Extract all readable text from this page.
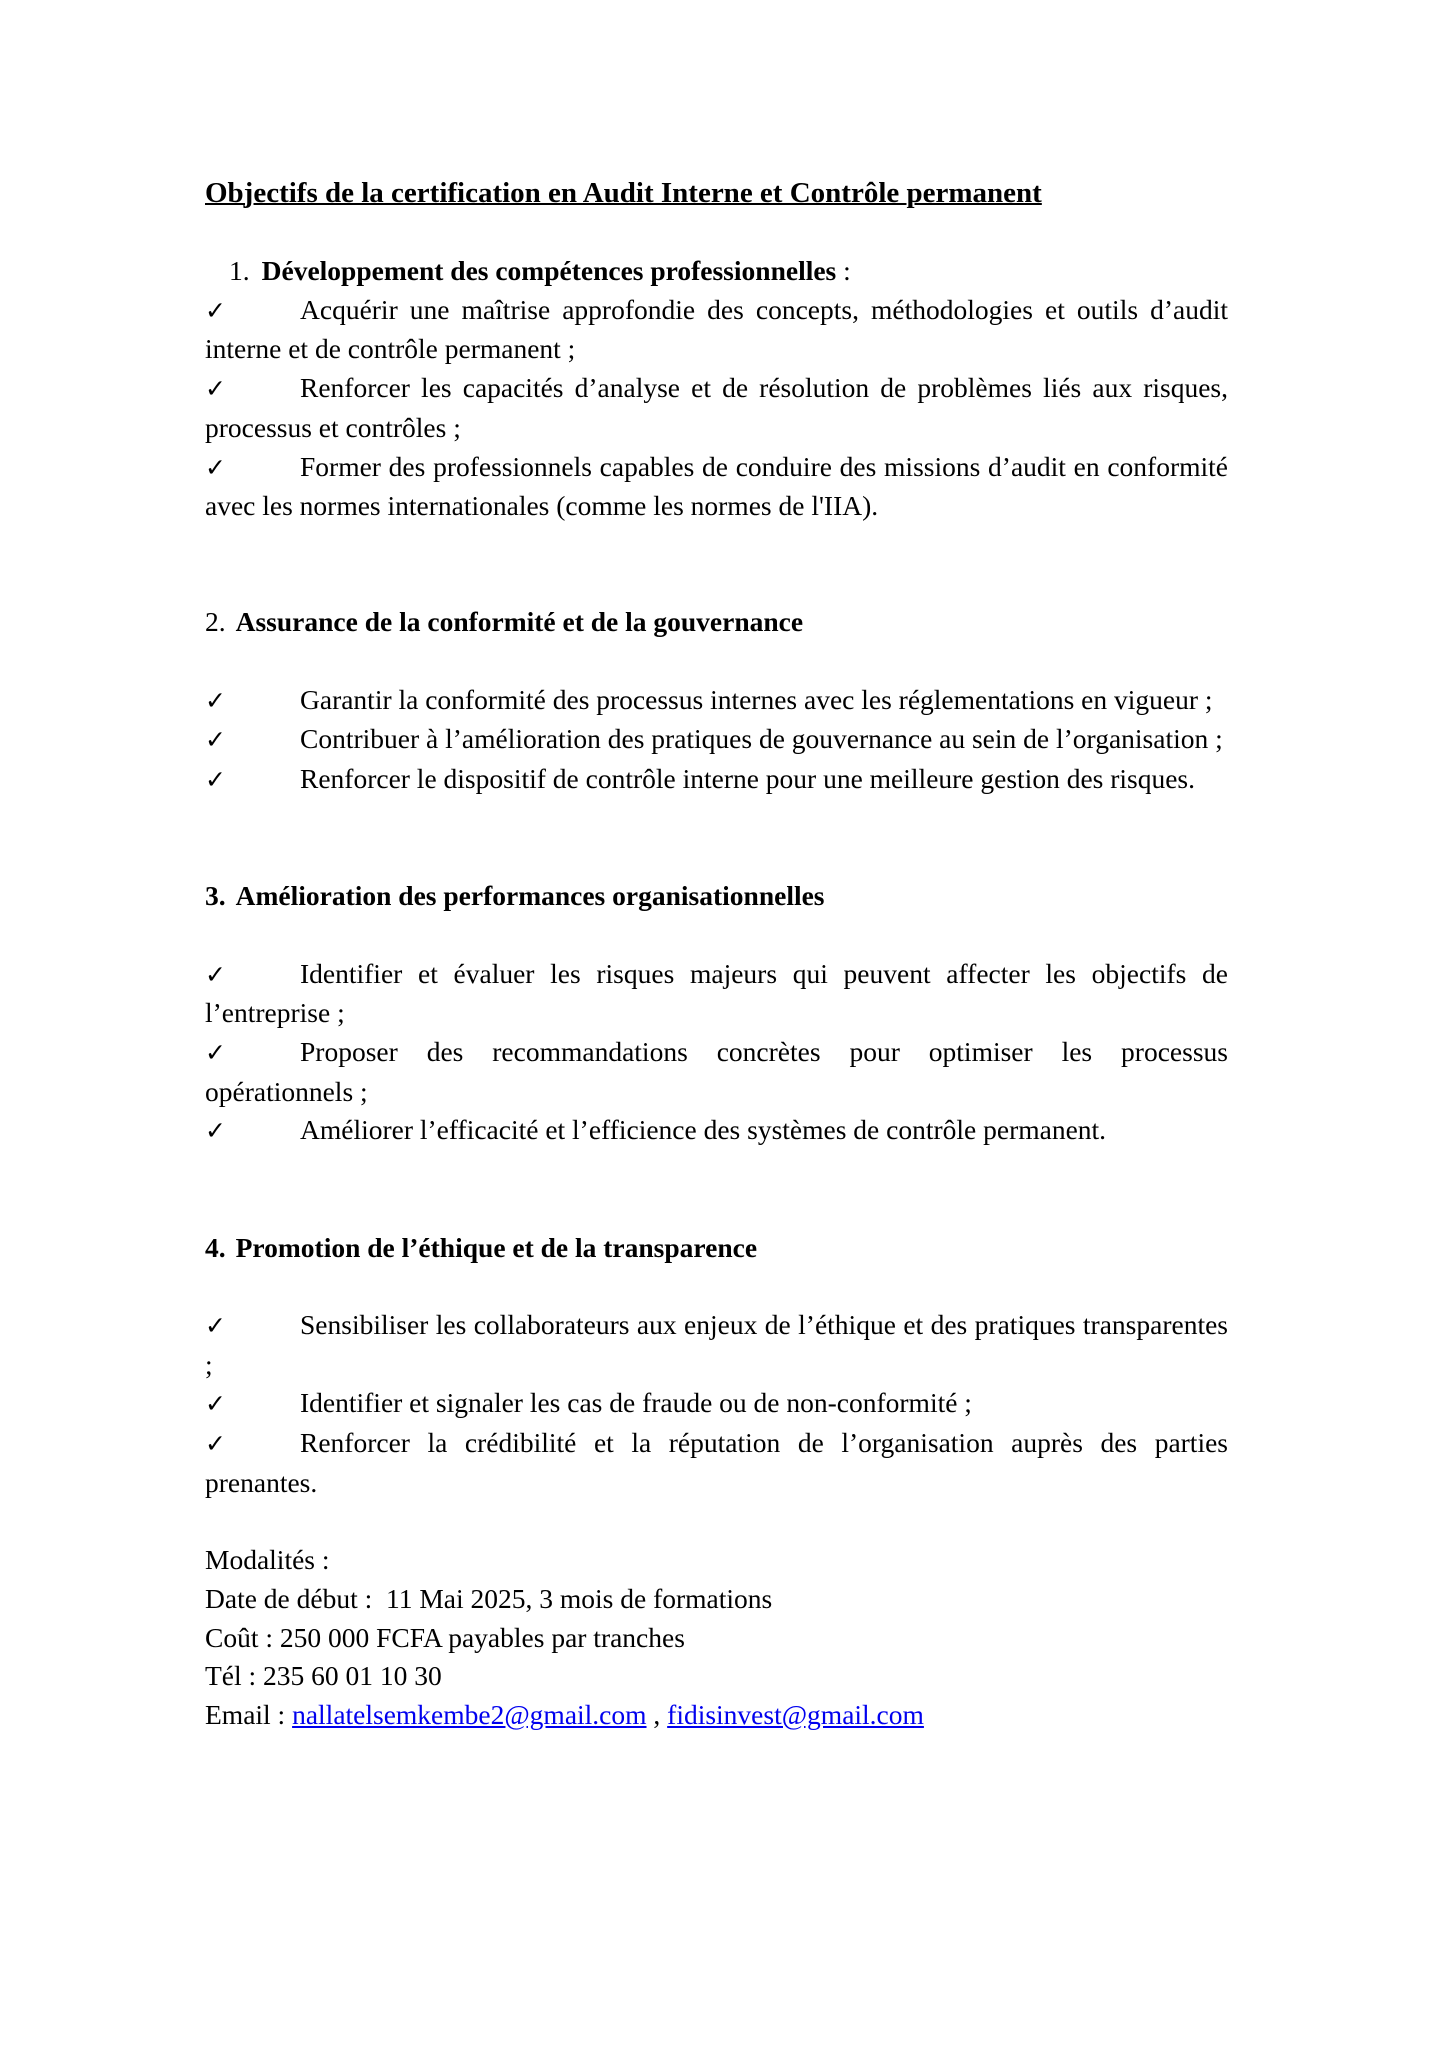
Objectifs de la certification en Audit Interne et Contrôle permanent

1. Développement des compétences professionnelles :

✓	Acquérir une maîtrise approfondie des concepts, méthodologies et outils d’audit interne et de contrôle permanent ;

✓	Renforcer les capacités d’analyse et de résolution de problèmes liés aux risques, processus et contrôles ;

✓	Former des professionnels capables de conduire des missions d’audit en conformité avec les normes internationales (comme les normes de l'IIA).

2. Assurance de la conformité et de la gouvernance

✓	Garantir la conformité des processus internes avec les réglementations en vigueur ;

✓	Contribuer à l’amélioration des pratiques de gouvernance au sein de l’organisation ;

✓	Renforcer le dispositif de contrôle interne pour une meilleure gestion des risques.

3. Amélioration des performances organisationnelles

✓	Identifier et évaluer les risques majeurs qui peuvent affecter les objectifs de l’entreprise ;

✓	Proposer des recommandations concrètes pour optimiser les processus opérationnels ;

✓	Améliorer l’efficacité et l’efficience des systèmes de contrôle permanent.

4. Promotion de l’éthique et de la transparence

✓	Sensibiliser les collaborateurs aux enjeux de l’éthique et des pratiques transparentes ;

✓	Identifier et signaler les cas de fraude ou de non-conformité ;

✓	Renforcer la crédibilité et la réputation de l’organisation auprès des parties prenantes.

Modalités :

Date de début :  11 Mai 2025, 3 mois de formations

Coût : 250 000 FCFA payables par tranches

Tél : 235 60 01 10 30

Email : nallatelsemkembe2@gmail.com , fidisinvest@gmail.com
